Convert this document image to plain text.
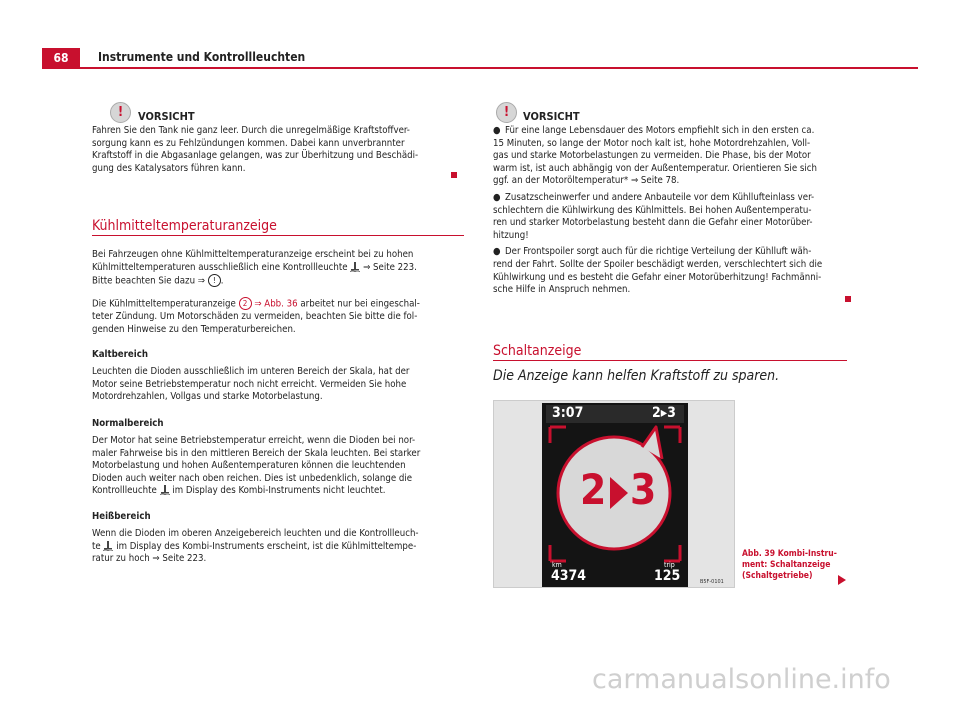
68	Instrumente und Kontrollleuchten
!	VORSICHT
Fahren Sie den Tank nie ganz leer. Durch die unregelmäßige Kraftstoffver-
sorgung kann es zu Fehlzündungen kommen. Dabei kann unverbrannter
Kraftstoff in die Abgasanlage gelangen, was zur Überhitzung und Beschädi-
gung des Katalysators führen kann.
Kühlmitteltemperaturanzeige
Bei Fahrzeugen ohne Kühlmitteltemperaturanzeige erscheint bei zu hohen
Kühlmitteltemperaturen ausschließlich eine Kontrollleuchte ⇒ Seite 223.
Bitte beachten Sie dazu ⇒ ! .
Die Kühlmitteltemperaturanzeige 2 ⇒ Abb. 36 arbeitet nur bei eingeschal-
teter Zündung. Um Motorschäden zu vermeiden, beachten Sie bitte die fol-
genden Hinweise zu den Temperaturbereichen.
Kaltbereich
Leuchten die Dioden ausschließlich im unteren Bereich der Skala, hat der
Motor seine Betriebstemperatur noch nicht erreicht. Vermeiden Sie hohe
Motordrehzahlen, Vollgas und starke Motorbelastung.
Normalbereich
Der Motor hat seine Betriebstemperatur erreicht, wenn die Dioden bei nor-
maler Fahrweise bis in den mittleren Bereich der Skala leuchten. Bei starker
Motorbelastung und hohen Außentemperaturen können die leuchtenden
Dioden auch weiter nach oben reichen. Dies ist unbedenklich, solange die
Kontrollleuchte im Display des Kombi-Instruments nicht leuchtet.
Heißbereich
Wenn die Dioden im oberen Anzeigebereich leuchten und die Kontrollleuch-
te im Display des Kombi-Instruments erscheint, ist die Kühlmitteltempe-
ratur zu hoch ⇒ Seite 223.
!	VORSICHT
● Für eine lange Lebensdauer des Motors empfiehlt sich in den ersten ca.
15 Minuten, so lange der Motor noch kalt ist, hohe Motordrehzahlen, Voll-
gas und starke Motorbelastungen zu vermeiden. Die Phase, bis der Motor
warm ist, ist auch abhängig von der Außentemperatur. Orientieren Sie sich
ggf. an der Motoröltemperatur* ⇒ Seite 78.
● Zusatzscheinwerfer und andere Anbauteile vor dem Kühllufteinlass ver-
schlechtern die Kühlwirkung des Kühlmittels. Bei hohen Außentemperatu-
ren und starker Motorbelastung besteht dann die Gefahr einer Motorüber-
hitzung!
● Der Frontspoiler sorgt auch für die richtige Verteilung der Kühlluft wäh-
rend der Fahrt. Sollte der Spoiler beschädigt werden, verschlechtert sich die
Kühlwirkung und es besteht die Gefahr einer Motorüberhitzung! Fachmänni-
sche Hilfe in Anspruch nehmen.
Schaltanzeige
Die Anzeige kann helfen Kraftstoff zu sparen.
3:07	2▸3
2 3
km
4374
trip
125	B5F-0101
Abb. 39 Kombi-Instru-
ment: Schaltanzeige
(Schaltgetriebe)
carmanualsonline.info
